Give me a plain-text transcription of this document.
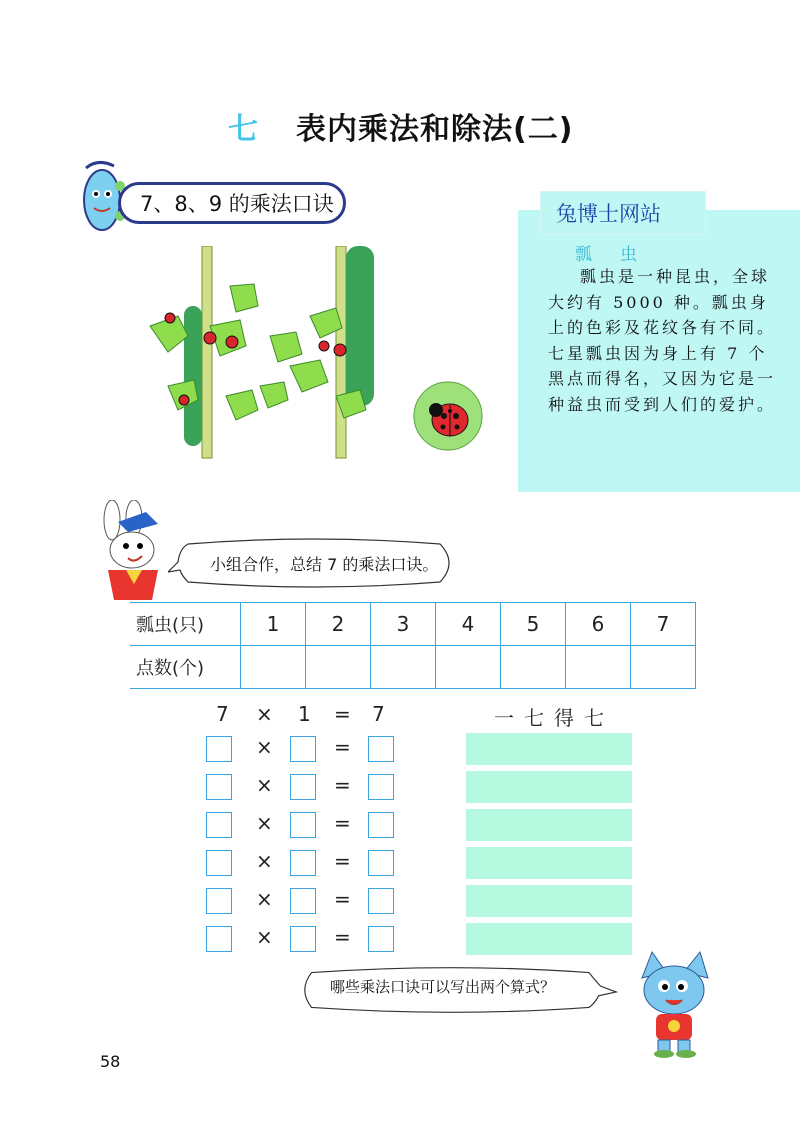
七 表内乘法和除法(二)
7、8、9 的乘法口诀	兔博士网站
瓢虫
瓢虫是一种昆虫，全球大约有 5000 种。瓢虫身上的色彩及花纹各有不同。七星瓢虫因为身上有 7 个黑点而得名，又因为它是一种益虫而受到人们的爱护。
小组合作，总结 7 的乘法口诀。
瓢虫(只)	1	2	3	4	5	6	7
点数(个)							
7 × 1 = 7	一七得七
×	=
×	=
×	=
×	=
×	=
×	=
哪些乘法口诀可以写出两个算式？
58
